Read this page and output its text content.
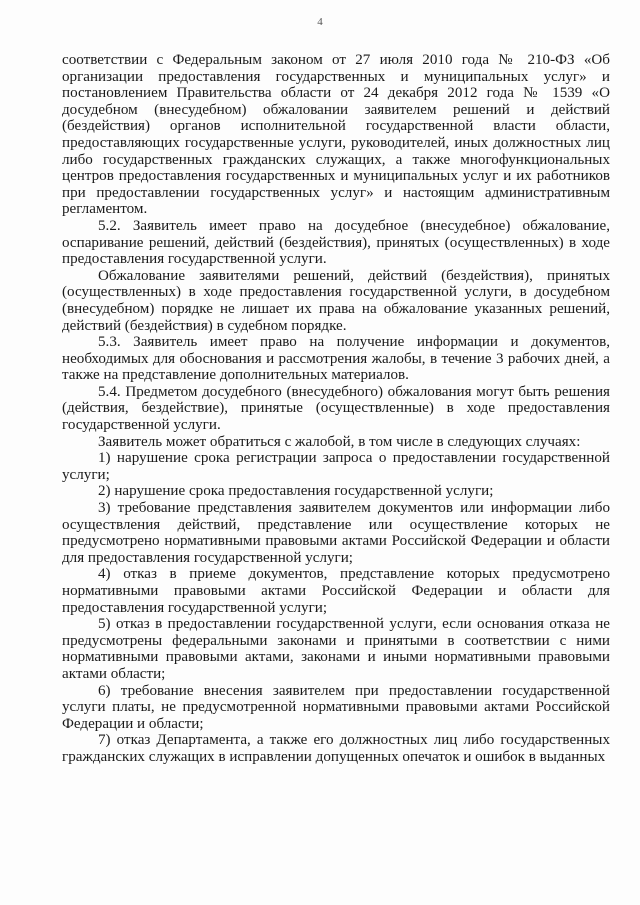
4

соответствии с Федеральным законом от 27 июля 2010 года № 210-ФЗ «Об организации предоставления государственных и муниципальных услуг» и постановлением Правительства области от 24 декабря 2012 года № 1539 «О досудебном (внесудебном) обжаловании заявителем решений и действий (бездействия) органов исполнительной государственной власти области, предоставляющих государственные услуги, руководителей, иных должностных лиц либо государственных гражданских служащих, а также многофункциональных центров предоставления государственных и муниципальных услуг и их работников при предоставлении государственных услуг» и настоящим административным регламентом.

5.2. Заявитель имеет право на досудебное (внесудебное) обжалование, оспаривание решений, действий (бездействия), принятых (осуществленных) в ходе предоставления государственной услуги.

Обжалование заявителями решений, действий (бездействия), принятых (осуществленных) в ходе предоставления государственной услуги, в досудебном (внесудебном) порядке не лишает их права на обжалование указанных решений, действий (бездействия) в судебном порядке.

5.3. Заявитель имеет право на получение информации и документов, необходимых для обоснования и рассмотрения жалобы, в течение 3 рабочих дней, а также на представление дополнительных материалов.

5.4. Предметом досудебного (внесудебного) обжалования могут быть решения (действия, бездействие), принятые (осуществленные) в ходе предоставления государственной услуги.

Заявитель может обратиться с жалобой, в том числе в следующих случаях:

1) нарушение срока регистрации запроса о предоставлении государственной услуги;

2) нарушение срока предоставления государственной услуги;

3) требование представления заявителем документов или информации либо осуществления действий, представление или осуществление которых не предусмотрено нормативными правовыми актами Российской Федерации и области для предоставления государственной услуги;

4) отказ в приеме документов, представление которых предусмотрено нормативными правовыми актами Российской Федерации и области для предоставления государственной услуги;

5) отказ в предоставлении государственной услуги, если основания отказа не предусмотрены федеральными законами и принятыми в соответствии с ними нормативными правовыми актами, законами и иными нормативными правовыми актами области;

6) требование внесения заявителем при предоставлении государственной услуги платы, не предусмотренной нормативными правовыми актами Российской Федерации и области;

7) отказ Департамента, а также его должностных лиц либо государственных гражданских служащих в исправлении допущенных опечаток и ошибок в выданных
